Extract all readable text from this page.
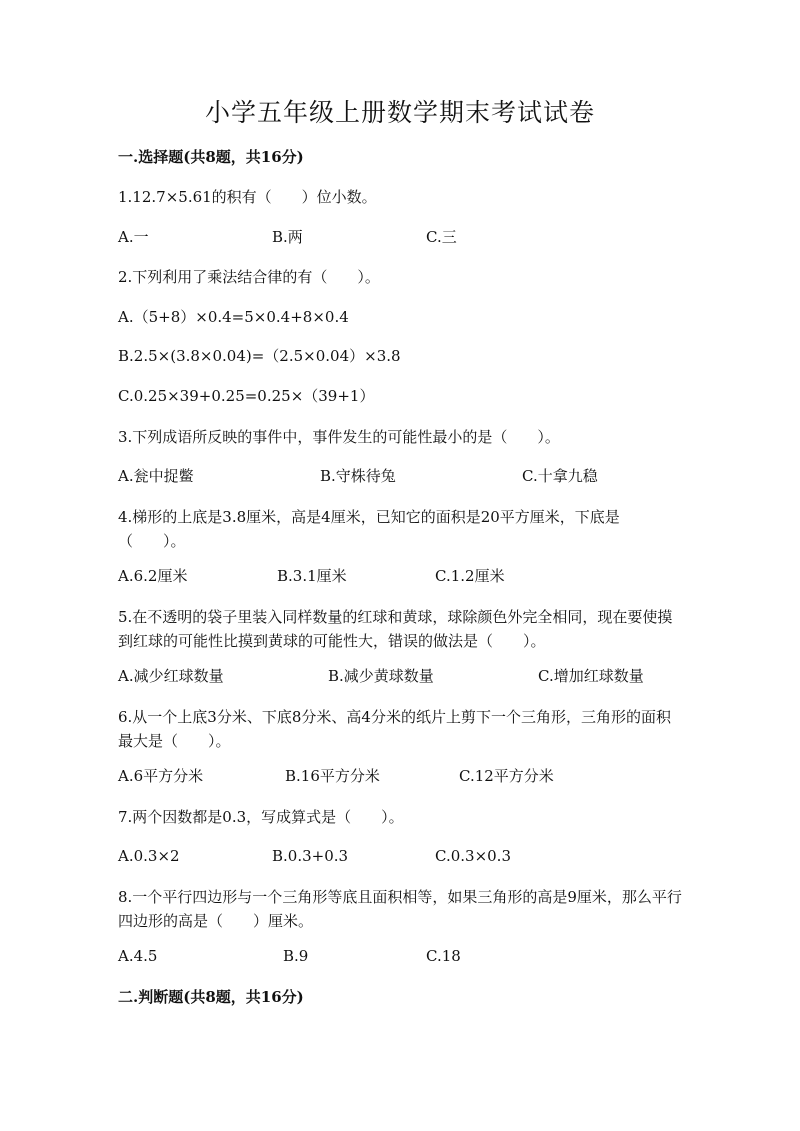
小学五年级上册数学期末考试试卷

一.选择题(共8题，共16分)

1.12.7×5.61的积有（　　）位小数。

A.一	B.两	C.三

2.下列利用了乘法结合律的有（　　）。

A.（5+8）×0.4=5×0.4+8×0.4
B.2.5×(3.8×0.04)=（2.5×0.04）×3.8
C.0.25×39+0.25=0.25×（39+1）

3.下列成语所反映的事件中，事件发生的可能性最小的是（　　）。

A.瓮中捉鳖	B.守株待兔	C.十拿九稳

4.梯形的上底是3.8厘米，高是4厘米，已知它的面积是20平方厘米，下底是（　　）。

A.6.2厘米	B.3.1厘米	C.1.2厘米

5.在不透明的袋子里装入同样数量的红球和黄球，球除颜色外完全相同，现在要使摸到红球的可能性比摸到黄球的可能性大，错误的做法是（　　）。

A.减少红球数量	B.减少黄球数量	C.增加红球数量

6.从一个上底3分米、下底8分米、高4分米的纸片上剪下一个三角形，三角形的面积最大是（　　）。

A.6平方分米	B.16平方分米	C.12平方分米

7.两个因数都是0.3，写成算式是（　　）。

A.0.3×2	B.0.3+0.3	C.0.3×0.3

8.一个平行四边形与一个三角形等底且面积相等，如果三角形的高是9厘米，那么平行四边形的高是（　　）厘米。

A.4.5	B.9	C.18

二.判断题(共8题，共16分)
